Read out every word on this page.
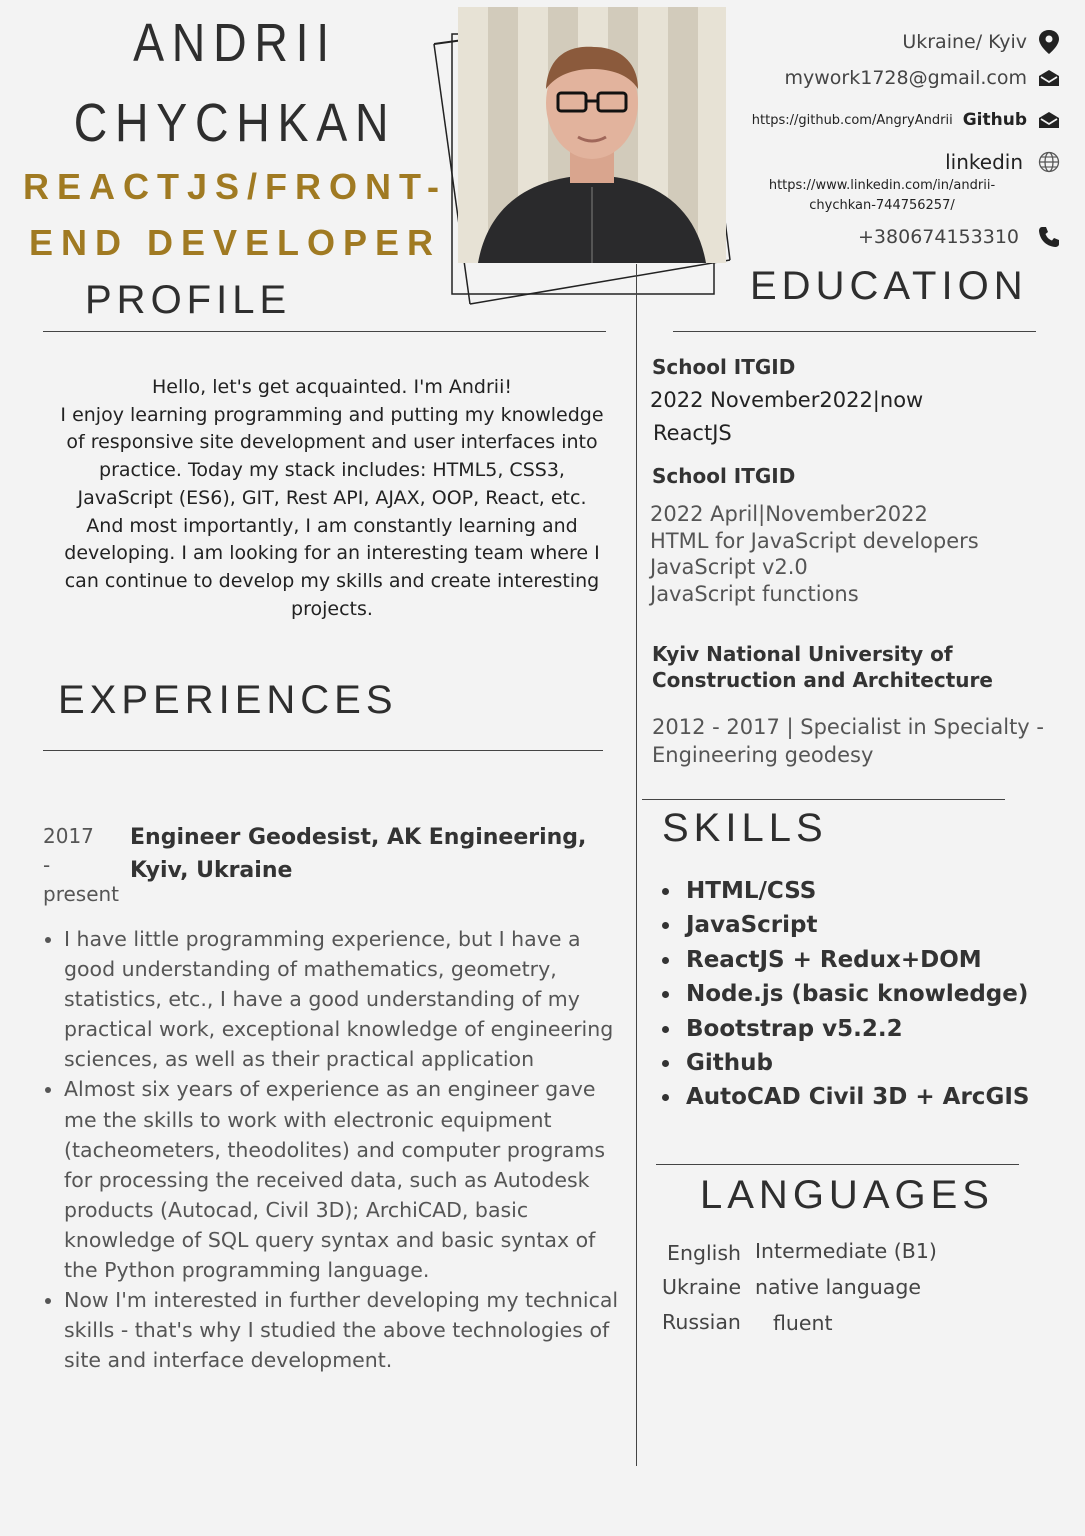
ANDRII
CHYCHKAN
REACTJS/FRONT-
END DEVELOPER
Ukraine/ Kyiv
mywork1728@gmail.com
https://github.com/AngryAndrii Github
linkedin
https://www.linkedin.com/in/andrii-
chychkan-744756257/
+380674153310
PROFILE	EDUCATION
Hello, let's get acquainted. I'm Andrii!
I enjoy learning programming and putting my knowledge
of responsive site development and user interfaces into
practice. Today my stack includes: HTML5, CSS3,
JavaScript (ES6), GIT, Rest API, AJAX, OOP, React, etc.
And most importantly, I am constantly learning and
developing. I am looking for an interesting team where I
can continue to develop my skills and create interesting
projects.
School ITGID
2022 November2022|now
ReactJS
School ITGID
2022 April|November2022
HTML for JavaScript developers
JavaScript v2.0
JavaScript functions
Kyiv National University of
Construction and Architecture
2012 - 2017 | Specialist in Specialty -
Engineering geodesy
EXPERIENCES
2017
-
present
Engineer Geodesist, AK Engineering,
Kyiv, Ukraine
• I have little programming experience, but I have a
good understanding of mathematics, geometry,
statistics, etc., I have a good understanding of my
practical work, exceptional knowledge of engineering
sciences, as well as their practical application
• Almost six years of experience as an engineer gave
me the skills to work with electronic equipment
(tacheometers, theodolites) and computer programs
for processing the received data, such as Autodesk
products (Autocad, Civil 3D); ArchiCAD, basic
knowledge of SQL query syntax and basic syntax of
the Python programming language.
• Now I'm interested in further developing my technical
skills - that's why I studied the above technologies of
site and interface development.
SKILLS
• HTML/CSS
• JavaScript
• ReactJS + Redux+DOM
• Node.js (basic knowledge)
• Bootstrap v5.2.2
• Github
• AutoCAD Civil 3D + ArcGIS
LANGUAGES
English Intermediate (B1)
Ukraine native language
Russian fluent
